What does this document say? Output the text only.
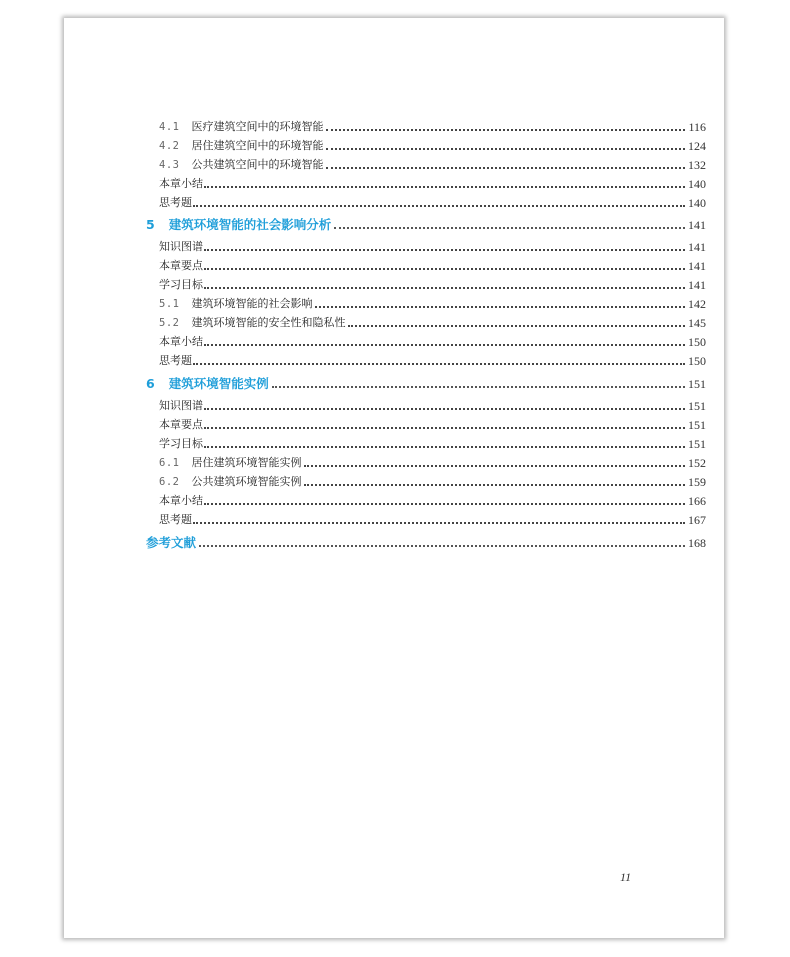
4.1 医疗建筑空间中的环境智能	116
4.2 居住建筑空间中的环境智能	124
4.3 公共建筑空间中的环境智能	132
本章小结	140
思考题	140
5 建筑环境智能的社会影响分析	141
知识图谱	141
本章要点	141
学习目标	141
5.1 建筑环境智能的社会影响	142
5.2 建筑环境智能的安全性和隐私性	145
本章小结	150
思考题	150
6 建筑环境智能实例	151
知识图谱	151
本章要点	151
学习目标	151
6.1 居住建筑环境智能实例	152
6.2 公共建筑环境智能实例	159
本章小结	166
思考题	167
参考文献	168
11
